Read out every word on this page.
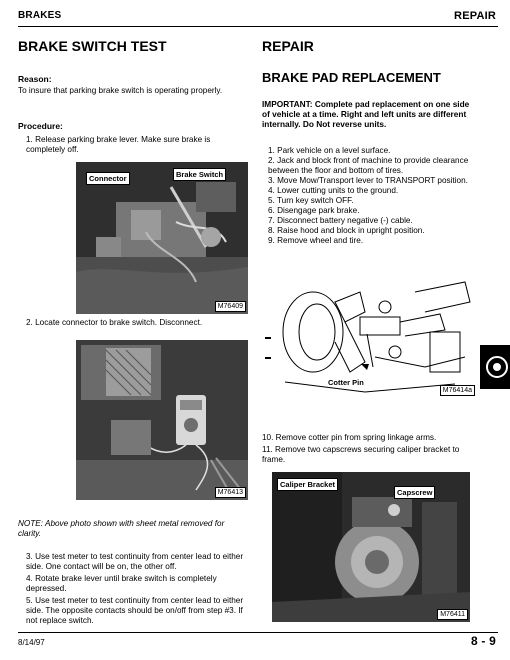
BRAKES	REPAIR
BRAKE SWITCH TEST
Reason:
To insure that parking brake switch is operating properly.
Procedure:
1. Release parking brake lever. Make sure brake is completely off.
Connector	Brake Switch
M76409
2. Locate connector to brake switch. Disconnect.
M76413
NOTE: Above photo shown with sheet metal removed for clarity.
3. Use test meter to test continuity from center lead to either side. One contact will be on, the other off.
4. Rotate brake lever until brake switch is completely depressed.
5. Use test meter to test continuity from center lead to either side. The opposite contacts should be on/off from step #3. If not replace switch.
REPAIR
BRAKE PAD REPLACEMENT
IMPORTANT: Complete pad replacement on one side of vehicle at a time. Right and left units are different internally. Do Not reverse units.
1. Park vehicle on a level surface.
2. Jack and block front of machine to provide clearance between the floor and bottom of tires.
3. Move Mow/Transport lever to TRANSPORT position.
4. Lower cutting units to the ground.
5. Turn key switch OFF.
6. Disengage park brake.
7. Disconnect battery negative (-) cable.
8. Raise hood and block in upright position.
9. Remove wheel and tire.
Cotter Pin
M76414a
10. Remove cotter pin from spring linkage arms.
11. Remove two capscrews securing caliper bracket to frame.
Caliper Bracket
Capscrew
M76411
8/14/97	8 - 9
